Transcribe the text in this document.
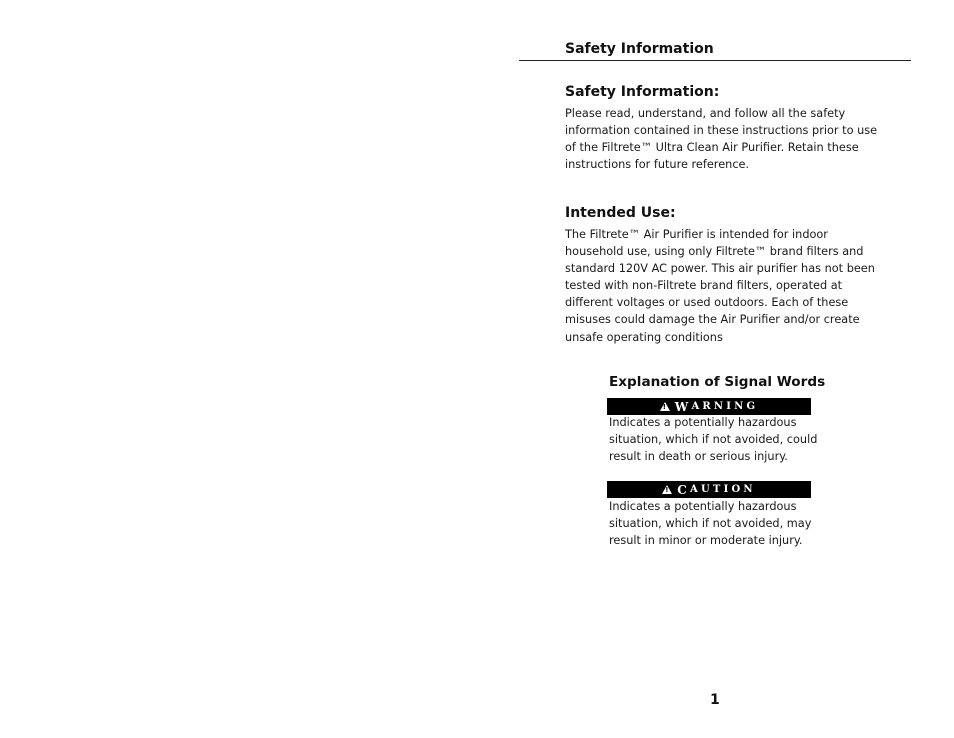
Safety Information
Safety Information:
Please read, understand, and follow all the safety
information contained in these instructions prior to use
of the Filtrete™ Ultra Clean Air Purifier. Retain these
instructions for future reference.
Intended Use:
The Filtrete™ Air Purifier is intended for indoor
household use, using only Filtrete™ brand filters and
standard 120V AC power. This air purifier has not been
tested with non-Filtrete brand filters, operated at
different voltages or used outdoors. Each of these
misuses could damage the Air Purifier and/or create
unsafe operating conditions
Explanation of Signal Words
!
W ARNING
Indicates a potentially hazardous
situation, which if not avoided, could
result in death or serious injury.
!
C AUTION
Indicates a potentially hazardous
situation, which if not avoided, may
result in minor or moderate injury.
1
